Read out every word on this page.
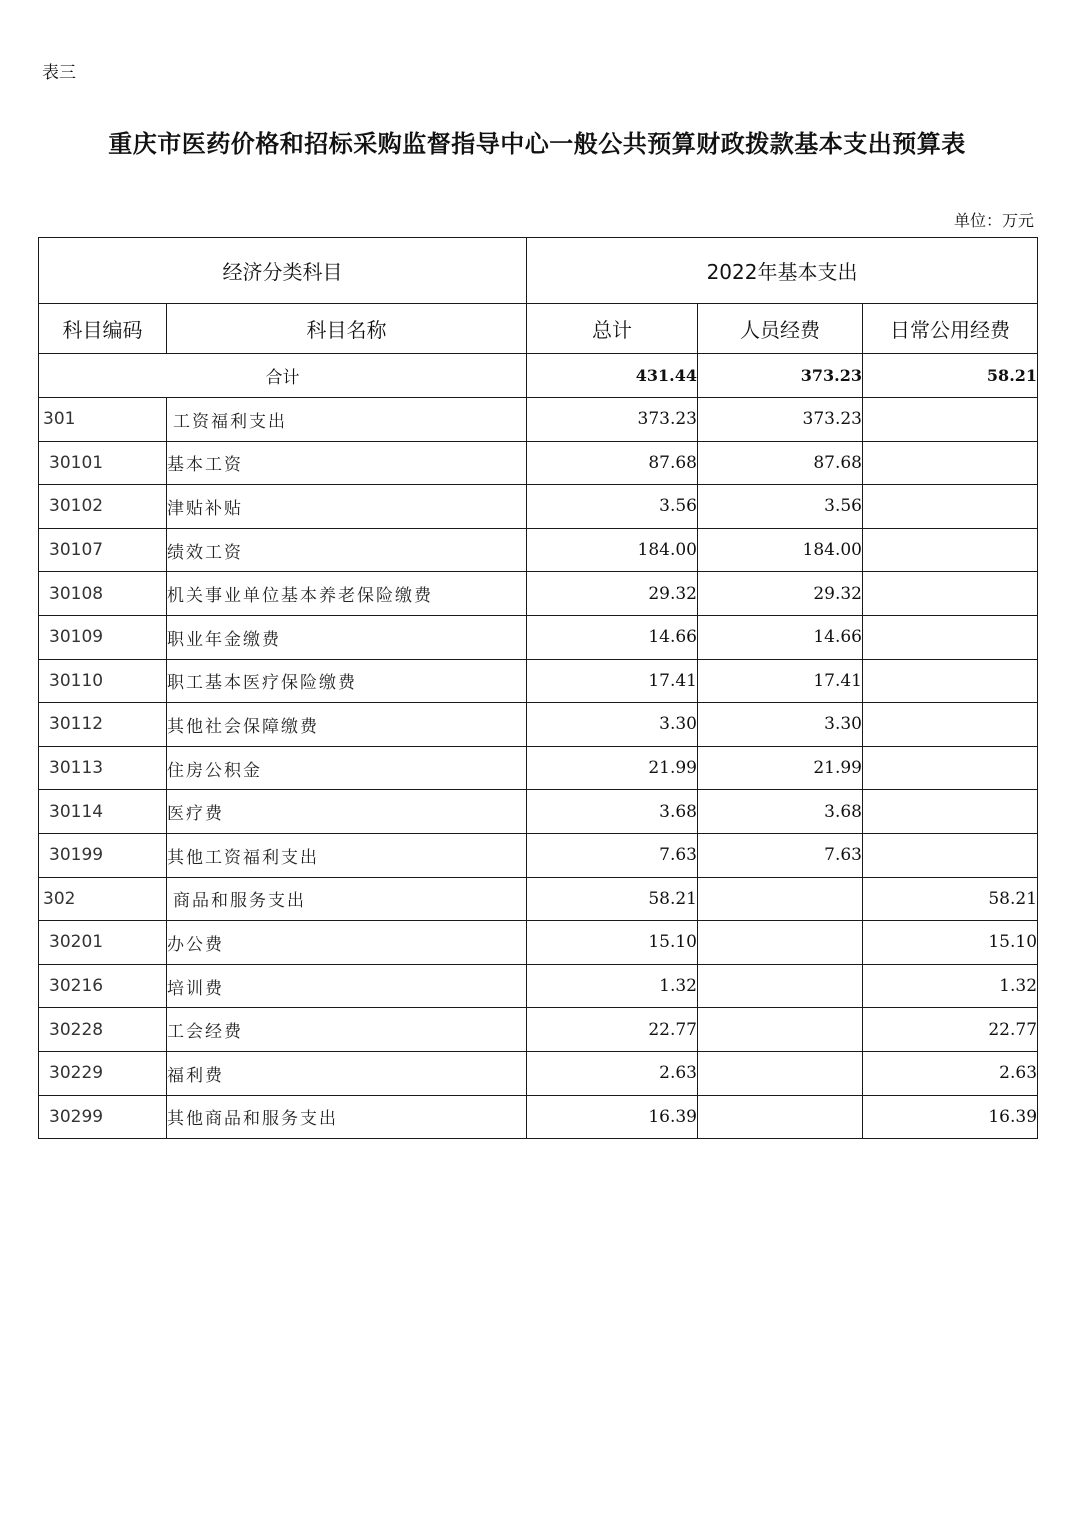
表三
重庆市医药价格和招标采购监督指导中心一般公共预算财政拨款基本支出预算表
单位：万元
经济分类科目		2022年基本支出		
科目编码	科目名称	总计	人员经费	日常公用经费
合计		431.44	373.23	58.21
301	工资福利支出	373.23	373.23	
30101	基本工资	87.68	87.68	
30102	津贴补贴	3.56	3.56	
30107	绩效工资	184.00	184.00	
30108	机关事业单位基本养老保险缴费	29.32	29.32	
30109	职业年金缴费	14.66	14.66	
30110	职工基本医疗保险缴费	17.41	17.41	
30112	其他社会保障缴费	3.30	3.30	
30113	住房公积金	21.99	21.99	
30114	医疗费	3.68	3.68	
30199	其他工资福利支出	7.63	7.63	
302	商品和服务支出	58.21		58.21
30201	办公费	15.10		15.10
30216	培训费	1.32		1.32
30228	工会经费	22.77		22.77
30229	福利费	2.63		2.63
30299	其他商品和服务支出	16.39		16.39
